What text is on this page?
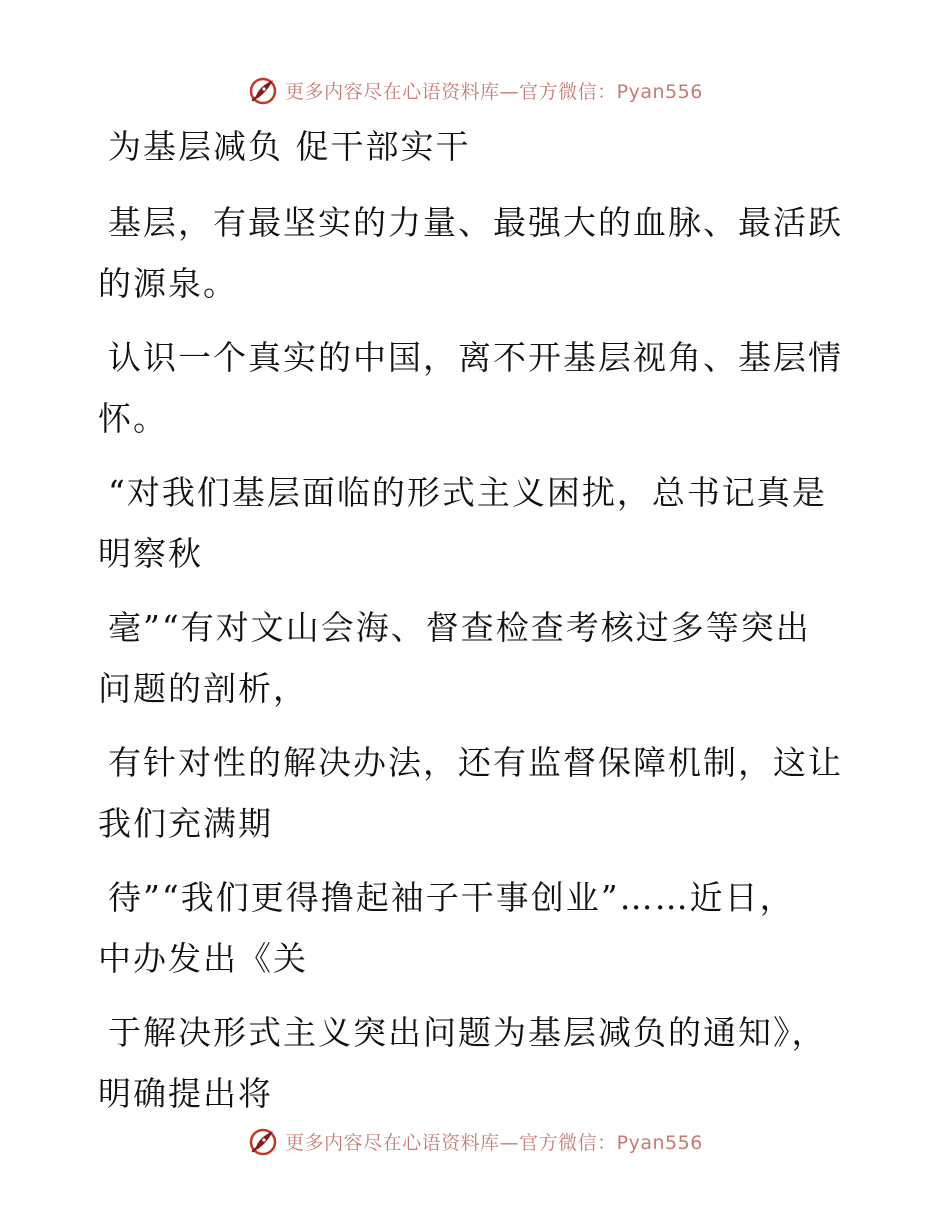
更多内容尽在心语资料库—官方微信：Pyan556
为基层减负 促干部实干
基层，有最坚实的力量、最强大的血脉、最活跃
的源泉。
认识一个真实的中国，离不开基层视角、基层情
怀。
“对我们基层面临的形式主义困扰，总书记真是
明察秋
毫”“有对文山会海、督查检查考核过多等突出
问题的剖析，
有针对性的解决办法，还有监督保障机制，这让
我们充满期
待”“我们更得撸起袖子干事创业”……近日，
中办发出《关
于解决形式主义突出问题为基层减负的通知》，
明确提出将
更多内容尽在心语资料库—官方微信：Pyan556
